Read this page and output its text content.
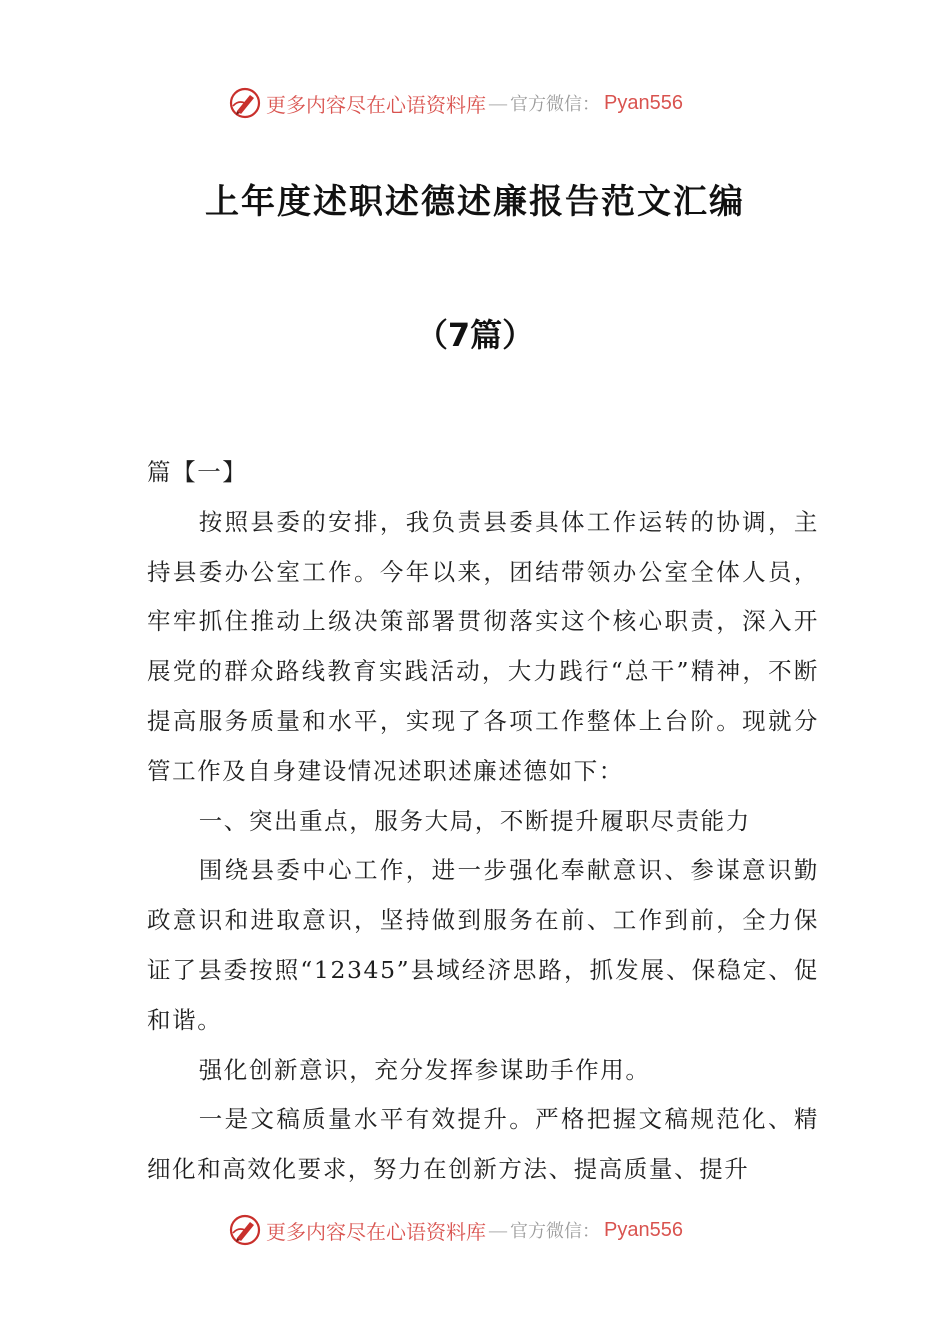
更多内容尽在心语资料库 — 官方微信： Pyan556
上年度述职述德述廉报告范文汇编
（7篇）

篇【一】

按照县委的安排，我负责县委具体工作运转的协调，主持县委办公室工作。今年以来，团结带领办公室全体人员，牢牢抓住推动上级决策部署贯彻落实这个核心职责，深入开展党的群众路线教育实践活动，大力践行“总干”精神，不断提高服务质量和水平，实现了各项工作整体上台阶。现就分管工作及自身建设情况述职述廉述德如下：

一、突出重点，服务大局，不断提升履职尽责能力

围绕县委中心工作，进一步强化奉献意识、参谋意识勤政意识和进取意识，坚持做到服务在前、工作到前，全力保证了县委按照“12345”县域经济思路，抓发展、保稳定、促和谐。

强化创新意识，充分发挥参谋助手作用。

一是文稿质量水平有效提升。严格把握文稿规范化、精细化和高效化要求，努力在创新方法、提高质量、提升

更多内容尽在心语资料库 — 官方微信： Pyan556
